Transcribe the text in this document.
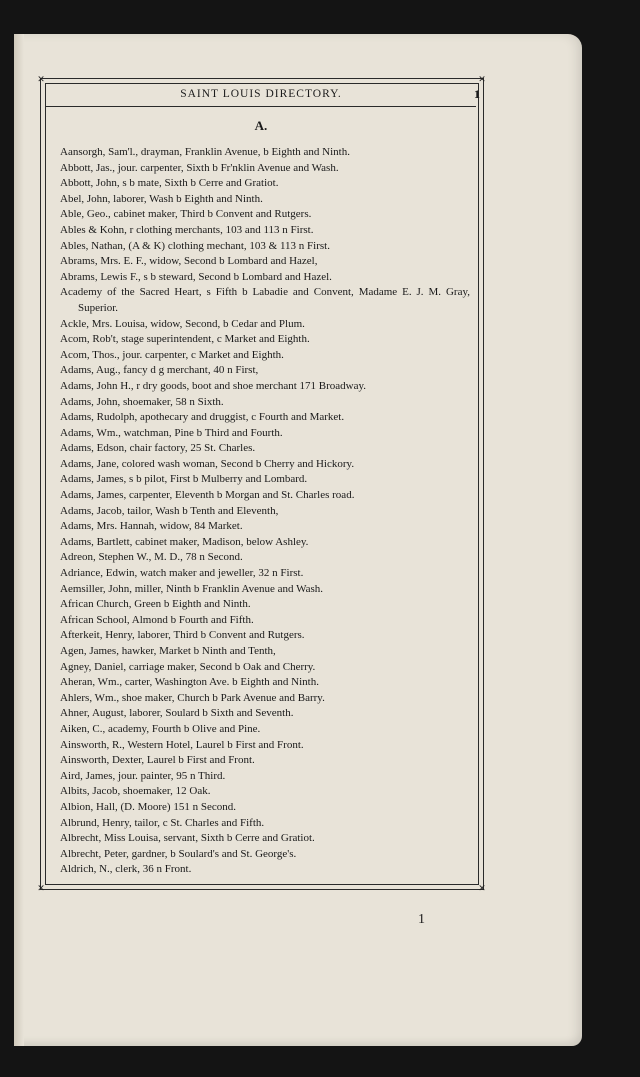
✕	✕
✕	✕
SAINT LOUIS DIRECTORY.	1
A.
Aansorgh, Sam'l., drayman, Franklin Avenue, b Eighth and Ninth.
Abbott, Jas., jour. carpenter, Sixth b Fr'nklin Avenue and Wash.
Abbott, John, s b mate, Sixth b Cerre and Gratiot.
Abel, John, laborer, Wash b Eighth and Ninth.
Able, Geo., cabinet maker, Third b Convent and Rutgers.
Ables & Kohn, r clothing merchants, 103 and 113 n First.
Ables, Nathan, (A & K) clothing mechant, 103 & 113 n First.
Abrams, Mrs. E. F., widow, Second b Lombard and Hazel,
Abrams, Lewis F., s b steward, Second b Lombard and Hazel.
Academy of the Sacred Heart, s Fifth b Labadie and Convent, Madame E. J. M. Gray, Superior.
Ackle, Mrs. Louisa, widow, Second, b Cedar and Plum.
Acom, Rob't, stage superintendent, c Market and Eighth.
Acom, Thos., jour. carpenter, c Market and Eighth.
Adams, Aug., fancy d g merchant, 40 n First,
Adams, John H., r dry goods, boot and shoe merchant 171 Broadway.
Adams, John, shoemaker, 58 n Sixth.
Adams, Rudolph, apothecary and druggist, c Fourth and Market.
Adams, Wm., watchman, Pine b Third and Fourth.
Adams, Edson, chair factory, 25 St. Charles.
Adams, Jane, colored wash woman, Second b Cherry and Hickory.
Adams, James, s b pilot, First b Mulberry and Lombard.
Adams, James, carpenter, Eleventh b Morgan and St. Charles road.
Adams, Jacob, tailor, Wash b Tenth and Eleventh,
Adams, Mrs. Hannah, widow, 84 Market.
Adams, Bartlett, cabinet maker, Madison, below Ashley.
Adreon, Stephen W., M. D., 78 n Second.
Adriance, Edwin, watch maker and jeweller, 32 n First.
Aemsiller, John, miller, Ninth b Franklin Avenue and Wash.
African Church, Green b Eighth and Ninth.
African School, Almond b Fourth and Fifth.
Afterkeit, Henry, laborer, Third b Convent and Rutgers.
Agen, James, hawker, Market b Ninth and Tenth,
Agney, Daniel, carriage maker, Second b Oak and Cherry.
Aheran, Wm., carter, Washington Ave. b Eighth and Ninth.
Ahlers, Wm., shoe maker, Church b Park Avenue and Barry.
Ahner, August, laborer, Soulard b Sixth and Seventh.
Aiken, C., academy, Fourth b Olive and Pine.
Ainsworth, R., Western Hotel, Laurel b First and Front.
Ainsworth, Dexter, Laurel b First and Front.
Aird, James, jour. painter, 95 n Third.
Albits, Jacob, shoemaker, 12 Oak.
Albion, Hall, (D. Moore) 151 n Second.
Albrund, Henry, tailor, c St. Charles and Fifth.
Albrecht, Miss Louisa, servant, Sixth b Cerre and Gratiot.
Albrecht, Peter, gardner, b Soulard's and St. George's.
Aldrich, N., clerk, 36 n Front.
1
